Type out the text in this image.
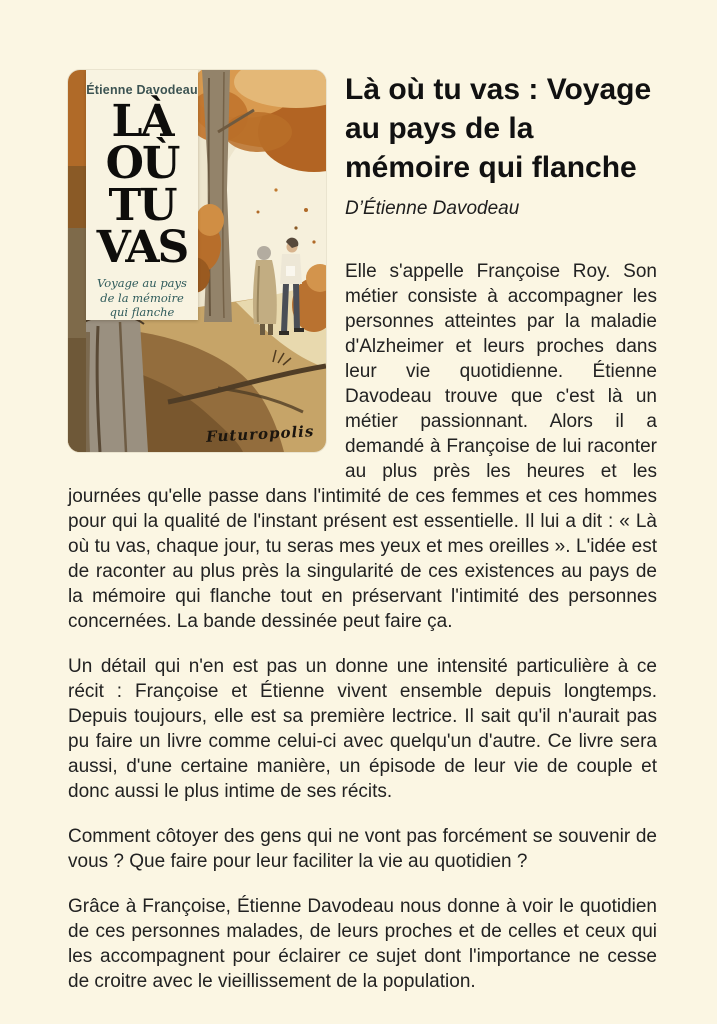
Étienne Davodeau
LÀ
OÙ
TU
VAS
Voyage au pays
de la mémoire
qui flanche
Futuropolis
Là où tu vas : Voyage au pays de la mémoire qui flanche

D’Étienne Davodeau

Elle s'appelle Françoise Roy. Son métier consiste à accompagner les personnes atteintes par la maladie d'Alzheimer et leurs proches dans leur vie quotidienne. Étienne Davodeau trouve que c'est là un métier passionnant. Alors il a demandé à Françoise de lui raconter au plus près les heures et les journées qu'elle passe dans l'intimité de ces femmes et ces hommes pour qui la qualité de l'instant présent est essentielle. Il lui a dit : « Là où tu vas, chaque jour, tu seras mes yeux et mes oreilles ». L'idée est de raconter au plus près la singularité de ces existences au pays de la mémoire qui flanche tout en préservant l'intimité des personnes concernées. La bande dessinée peut faire ça.

Un détail qui n'en est pas un donne une intensité particulière à ce récit : Françoise et Étienne vivent ensemble depuis longtemps. Depuis toujours, elle est sa première lectrice. Il sait qu'il n'aurait pas pu faire un livre comme celui-ci avec quelqu'un d'autre. Ce livre sera aussi, d'une certaine manière, un épisode de leur vie de couple et donc aussi le plus intime de ses récits.

Comment côtoyer des gens qui ne vont pas forcément se souvenir de vous ? Que faire pour leur faciliter la vie au quotidien ?

Grâce à Françoise, Étienne Davodeau nous donne à voir le quotidien de ces personnes malades, de leurs proches et de celles et ceux qui les accompagnent pour éclairer ce sujet dont l'importance ne cesse de croitre avec le vieillissement de la population.
